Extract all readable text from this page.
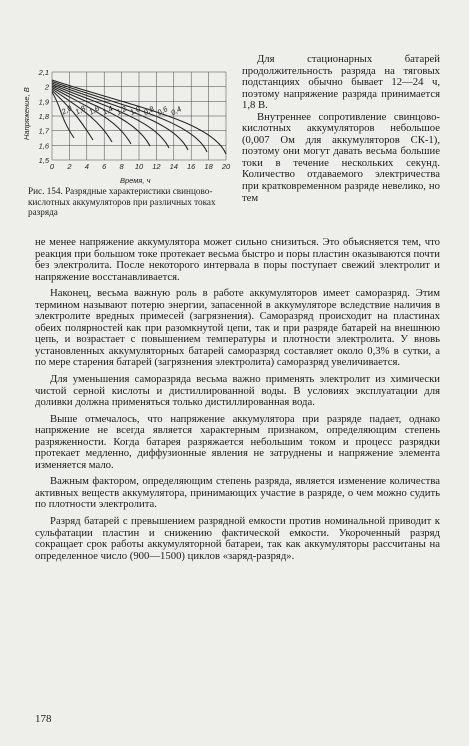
Напряжение, В
Время, ч
2,1
2
1,9
1,8
1,7
1,6
1,5
0 2 4 6 8 10 12 14 16 18 20
0,4
0,6
0,8
1,0
1,2
1,4
1,6
1,8
2,0

Рис. 154. Разрядные характеристики свинцово-кислотных аккумуляторов при различных токах разряда

Для стационарных батарей продолжительность разряда на тяговых подстанциях обычно бывает 12—24 ч, поэтому напряжение разряда принимается 1,8 В.

Внутреннее сопротивление свинцово-кислотных аккумуляторов небольшое (0,007 Ом для аккумуляторов СК-1), поэтому они могут давать весьма большие токи в течение нескольких секунд. Количество отдаваемого электричества при кратковременном разряде невелико, но тем

не менее напряжение аккумулятора может сильно снизиться. Это объясняется тем, что реакция при большом токе протекает весьма быстро и поры пластин оказываются почти без электролита. После некоторого интервала в поры поступает свежий электролит и напряжение восстанавливается.

Наконец, весьма важную роль в работе аккумуляторов имеет саморазряд. Этим термином называют потерю энергии, запасенной в аккумуляторе вследствие наличия в электролите вредных примесей (загрязнения). Саморазряд происходит на пластинах обеих полярностей как при разомкнутой цепи, так и при разряде батарей на внешнюю цепь, и возрастает с повышением температуры и плотности электролита. У вновь установленных аккумуляторных батарей саморазряд составляет около 0,3% в сутки, а по мере старения батарей (загрязнения электролита) саморазряд увеличивается.

Для уменьшения саморазряда весьма важно применять электролит из химически чистой серной кислоты и дистиллированной воды. В условиях эксплуатации для доливки должна применяться только дистиллированная вода.

Выше отмечалось, что напряжение аккумулятора при разряде падает, однако напряжение не всегда является характерным признаком, определяющим степень разряженности. Когда батарея разряжается небольшим током и процесс разрядки протекает медленно, диффузионные явления не затруднены и напряжение элемента изменяется мало.

Важным фактором, определяющим степень разряда, является изменение количества активных веществ аккумулятора, принимающих участие в разряде, о чем можно судить по плотности электролита.

Разряд батарей с превышением разрядной емкости против номинальной приводит к сульфатации пластин и снижению фактической емкости. Укороченный разряд сокращает срок работы аккумуляторной батареи, так как аккумуляторы рассчитаны на определенное число (900—1500) циклов «заряд-разряд».

178
